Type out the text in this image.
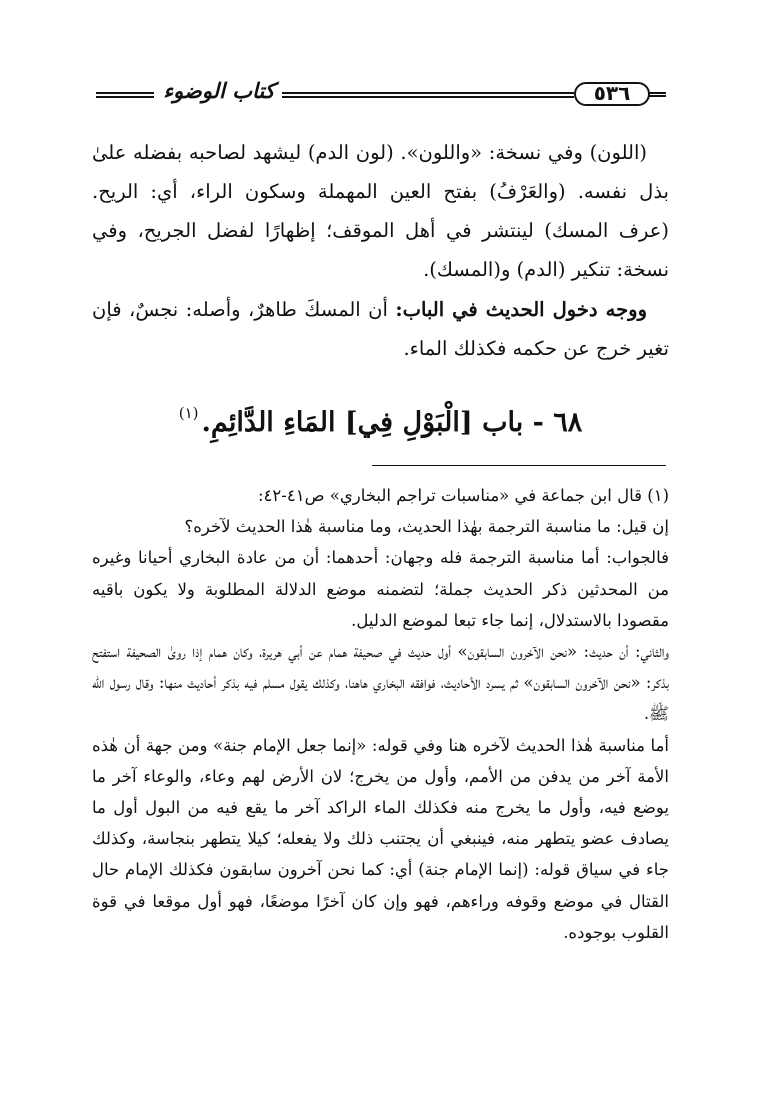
كتاب الوضوء	٥٣٦

(اللون) وفي نسخة: «واللون». (لون الدم) ليشهد لصاحبه بفضله علىٰ بذل نفسه. (والعَرْفُ) بفتح العين المهملة وسكون الراء، أي: الريح. (عرف المسك) لينتشر في أهل الموقف؛ إظهارًا لفضل الجريح، وفي نسخة: تنكير (الدم) و(المسك).

ووجه دخول الحديث في الباب: أن المسكَ طاهرٌ، وأصله: نجسٌ، فإن تغير خرج عن حكمه فكذلك الماء.

٦٨ - باب [الْبَوْلِ فِي] المَاءِ الدَّائِمِ.$^{(١)}$

(١) قال ابن جماعة في «مناسبات تراجم البخاري» ص٤١-٤٢:

إن قيل: ما مناسبة الترجمة بهٰذا الحديث، وما مناسبة هٰذا الحديث لآخره؟

فالجواب: أما مناسبة الترجمة فله وجهان: أحدهما: أن من عادة البخاري أحيانا وغيره من المحدثين ذكر الحديث جملة؛ لتضمنه موضع الدلالة المطلوبة ولا يكون باقيه مقصودا بالاستدلال، إنما جاء تبعا لموضع الدليل.

والثاني: أن حديث: «نحن الآخرون السابقون» أول حديث في صحيفة همام عن أبي هريرة، وكان همام إذا روىٰ الصحيفة استفتح بذكر: «نحن الآخرون السابقون» ثم يسرد الأحاديث، فوافقه البخاري هاهنا، وكذلك يقول مسلم فيه بذكر أحاديث منها: وقال رسول الله ﷺ.

أما مناسبة هٰذا الحديث لآخره هنا وفي قوله: «إنما جعل الإمام جنة» ومن جهة أن هٰذه الأمة آخر من يدفن من الأمم، وأول من يخرج؛ لان الأرض لهم وعاء، والوعاء آخر ما يوضع فيه، وأول ما يخرج منه فكذلك الماء الراكد آخر ما يقع فيه من البول أول ما يصادف عضو يتطهر منه، فينبغي أن يجتنب ذلك ولا يفعله؛ كيلا يتطهر بنجاسة، وكذلك جاء في سياق قوله: (إنما الإمام جنة) أي: كما نحن آخرون سابقون فكذلك الإمام حال القتال في موضع وقوفه وراءهم، فهو وإن كان آخرًا موضعًا، فهو أول موقعا في قوة القلوب بوجوده.
